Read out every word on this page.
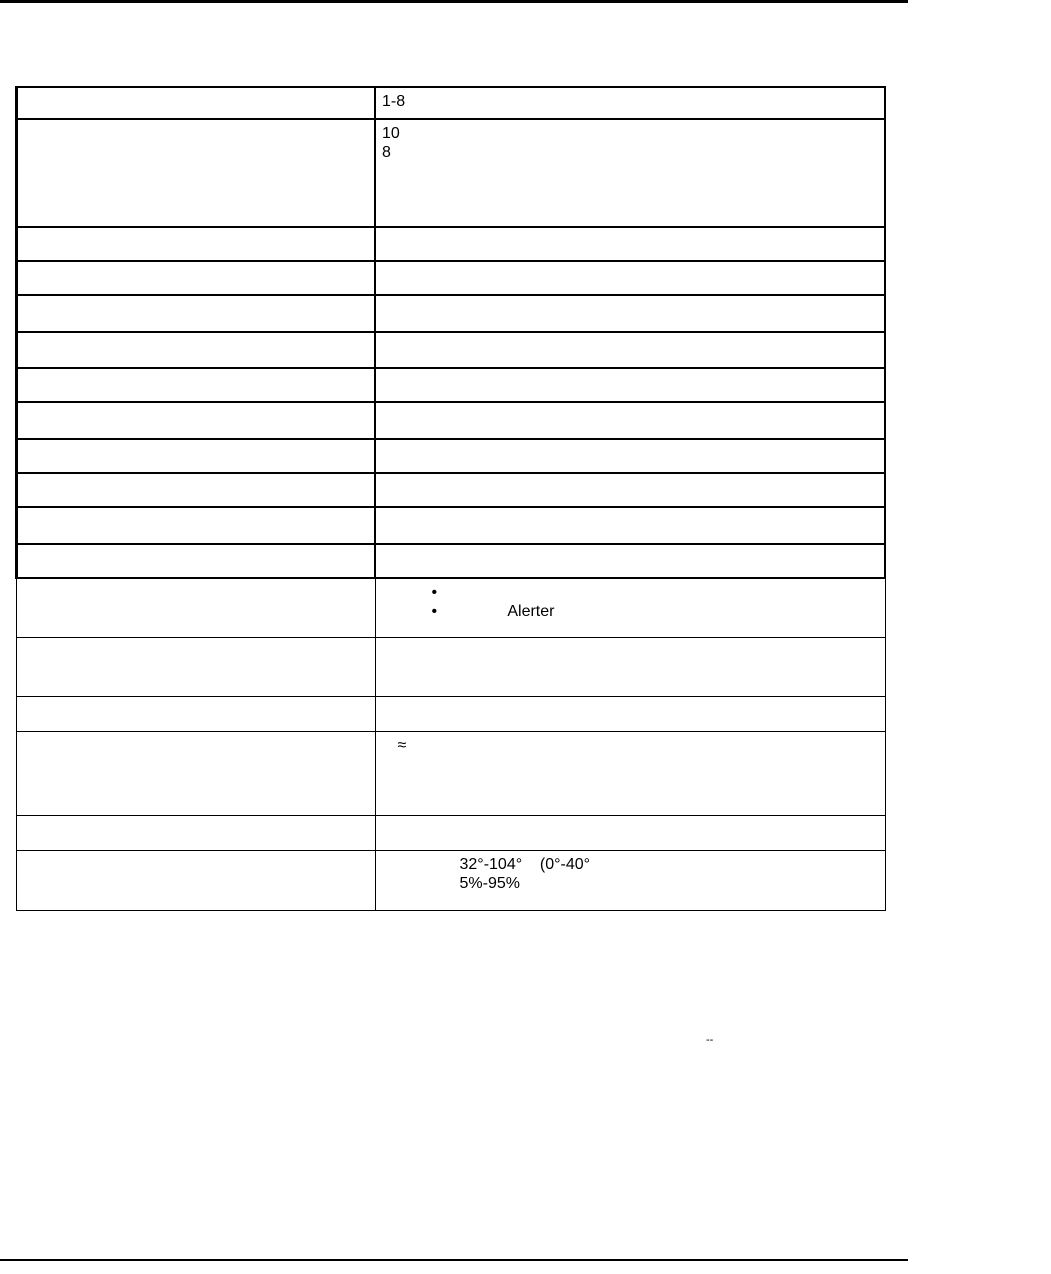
	1-8

	10
8

	•
•                Alerter

	≈

	32°-104°    (0°-40°
5%-95%
--
